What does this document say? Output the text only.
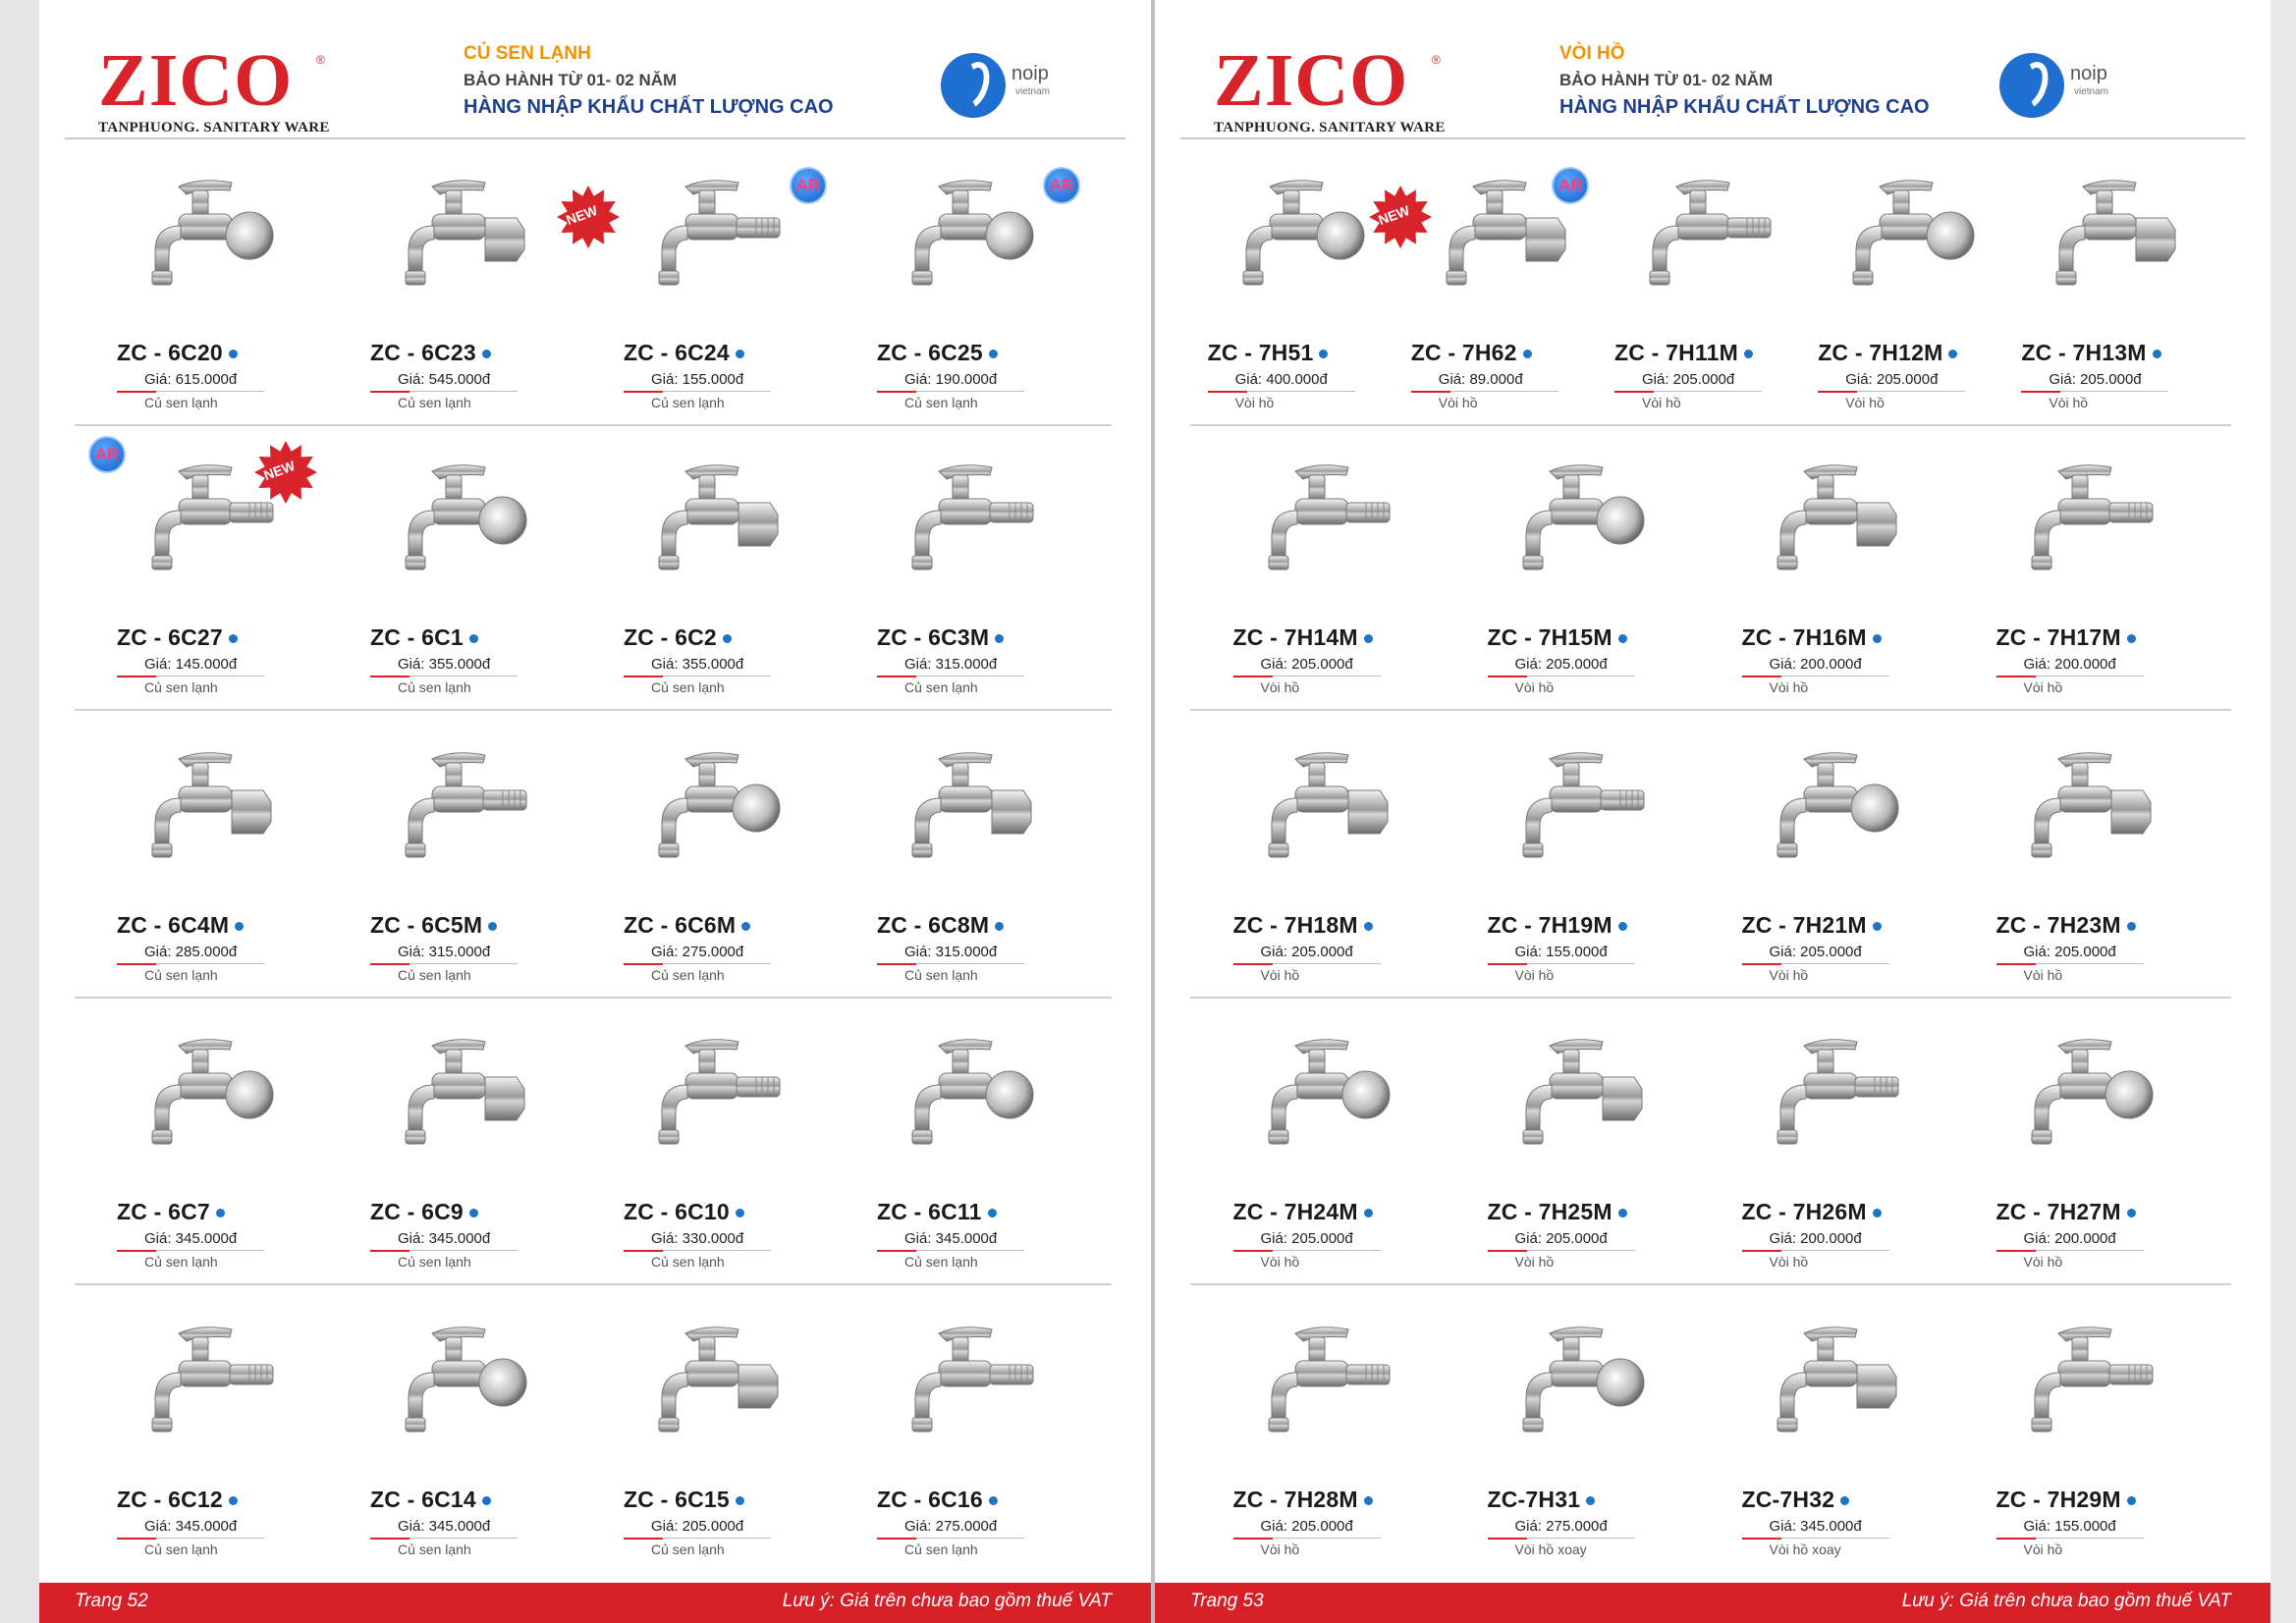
ZICO	®
TANPHUONG. SANITARY WARE
CỦ SEN LẠNH
BẢO HÀNH TỪ 01- 02 NĂM
HÀNG NHẬP KHẨU CHẤT LƯỢNG CAO
noip
vietnam
ZC - 6C20
Giá: 615.000đ
Củ sen lạnh
ZC - 6C23
Giá: 545.000đ
Củ sen lạnh
ZC - 6C24
Giá: 155.000đ
Củ sen lạnh
AR
NEW
ZC - 6C25
Giá: 190.000đ
Củ sen lạnh
AR
ZC - 6C27
Giá: 145.000đ
Củ sen lạnh
AR
NEW
ZC - 6C1
Giá: 355.000đ
Củ sen lạnh
ZC - 6C2
Giá: 355.000đ
Củ sen lạnh
ZC - 6C3M
Giá: 315.000đ
Củ sen lạnh
ZC - 6C4M
Giá: 285.000đ
Củ sen lạnh
ZC - 6C5M
Giá: 315.000đ
Củ sen lạnh
ZC - 6C6M
Giá: 275.000đ
Củ sen lạnh
ZC - 6C8M
Giá: 315.000đ
Củ sen lạnh
ZC - 6C7
Giá: 345.000đ
Củ sen lạnh
ZC - 6C9
Giá: 345.000đ
Củ sen lạnh
ZC - 6C10
Giá: 330.000đ
Củ sen lạnh
ZC - 6C11
Giá: 345.000đ
Củ sen lạnh
ZC - 6C12
Giá: 345.000đ
Củ sen lạnh
ZC - 6C14
Giá: 345.000đ
Củ sen lạnh
ZC - 6C15
Giá: 205.000đ
Củ sen lạnh
ZC - 6C16
Giá: 275.000đ
Củ sen lạnh
Trang 52	Lưu ý: Giá trên chưa bao gồm thuế VAT
ZICO	®
TANPHUONG. SANITARY WARE
VÒI HỒ
BẢO HÀNH TỪ 01- 02 NĂM
HÀNG NHẬP KHẨU CHẤT LƯỢNG CAO
noip
vietnam
ZC - 7H51
Giá: 400.000đ
Vòi hồ
ZC - 7H62
Giá: 89.000đ
Vòi hồ
AR
NEW
ZC - 7H11M
Giá: 205.000đ
Vòi hồ
ZC - 7H12M
Giá: 205.000đ
Vòi hồ
ZC - 7H13M
Giá: 205.000đ
Vòi hồ
ZC - 7H14M
Giá: 205.000đ
Vòi hồ
ZC - 7H15M
Giá: 205.000đ
Vòi hồ
ZC - 7H16M
Giá: 200.000đ
Vòi hồ
ZC - 7H17M
Giá: 200.000đ
Vòi hồ
ZC - 7H18M
Giá: 205.000đ
Vòi hồ
ZC - 7H19M
Giá: 155.000đ
Vòi hồ
ZC - 7H21M
Giá: 205.000đ
Vòi hồ
ZC - 7H23M
Giá: 205.000đ
Vòi hồ
ZC - 7H24M
Giá: 205.000đ
Vòi hồ
ZC - 7H25M
Giá: 205.000đ
Vòi hồ
ZC - 7H26M
Giá: 200.000đ
Vòi hồ
ZC - 7H27M
Giá: 200.000đ
Vòi hồ
ZC - 7H28M
Giá: 205.000đ
Vòi hồ
ZC-7H31
Giá: 275.000đ
Vòi hồ xoay
ZC-7H32
Giá: 345.000đ
Vòi hồ xoay
ZC - 7H29M
Giá: 155.000đ
Vòi hồ
Trang 53	Lưu ý: Giá trên chưa bao gồm thuế VAT
